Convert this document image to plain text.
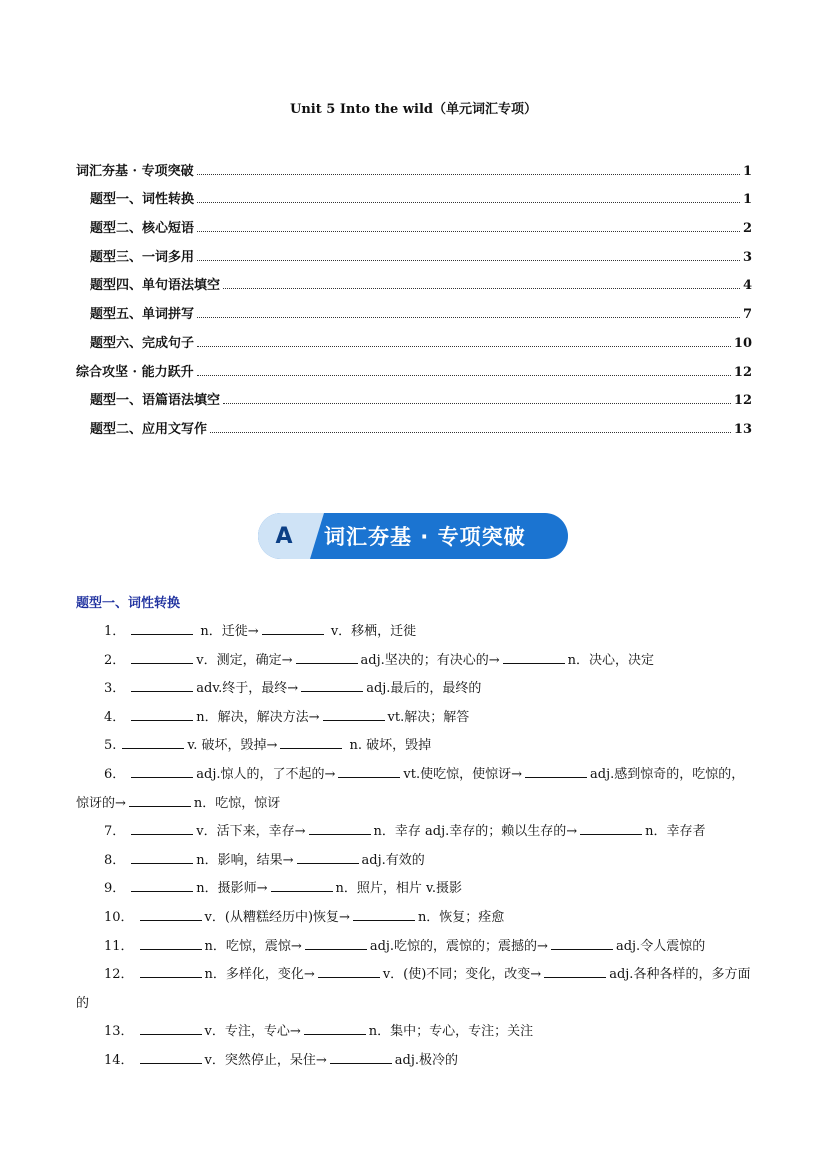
Unit 5 Into the wild（单元词汇专项）
词汇夯基 · 专项突破	1
题型一、词性转换	1
题型二、核心短语	2
题型三、一词多用	3
题型四、单句语法填空	4
题型五、单词拼写	7
题型六、完成句子	10
综合攻坚 · 能力跃升	12
题型一、语篇语法填空	12
题型二、应用文写作	13
A	词汇夯基 · 专项突破
题型一、词性转换
1．	n．迁徙→	v．移栖，迁徙
2．	v．测定，确定→	adj.坚决的；有决心的→	n．决心，决定
3．	adv.终于，最终→	adj.最后的，最终的
4．	n．解决，解决方法→	vt.解决；解答
5.	v. 破坏，毁掉→	n. 破坏，毁掉
6．	adj.惊人的，了不起的→	vt.使吃惊，使惊讶→	adj.感到惊奇的，吃惊的，惊讶的→	n．吃惊，惊讶
7．	v．活下来，幸存→	n．幸存 adj.幸存的；赖以生存的→	n．幸存者
8．	n．影响，结果→	adj.有效的
9．	n．摄影师→	n．照片，相片 v.摄影
10．	v．(从糟糕经历中)恢复→	n．恢复；痊愈
11．	n．吃惊，震惊→	adj.吃惊的，震惊的；震撼的→	adj.令人震惊的
12．	n．多样化，变化→	v．(使)不同；变化，改变→	adj.各种各样的，多方面的
13．	v．专注，专心→	n．集中；专心，专注；关注
14．	v．突然停止，呆住→	adj.极冷的
